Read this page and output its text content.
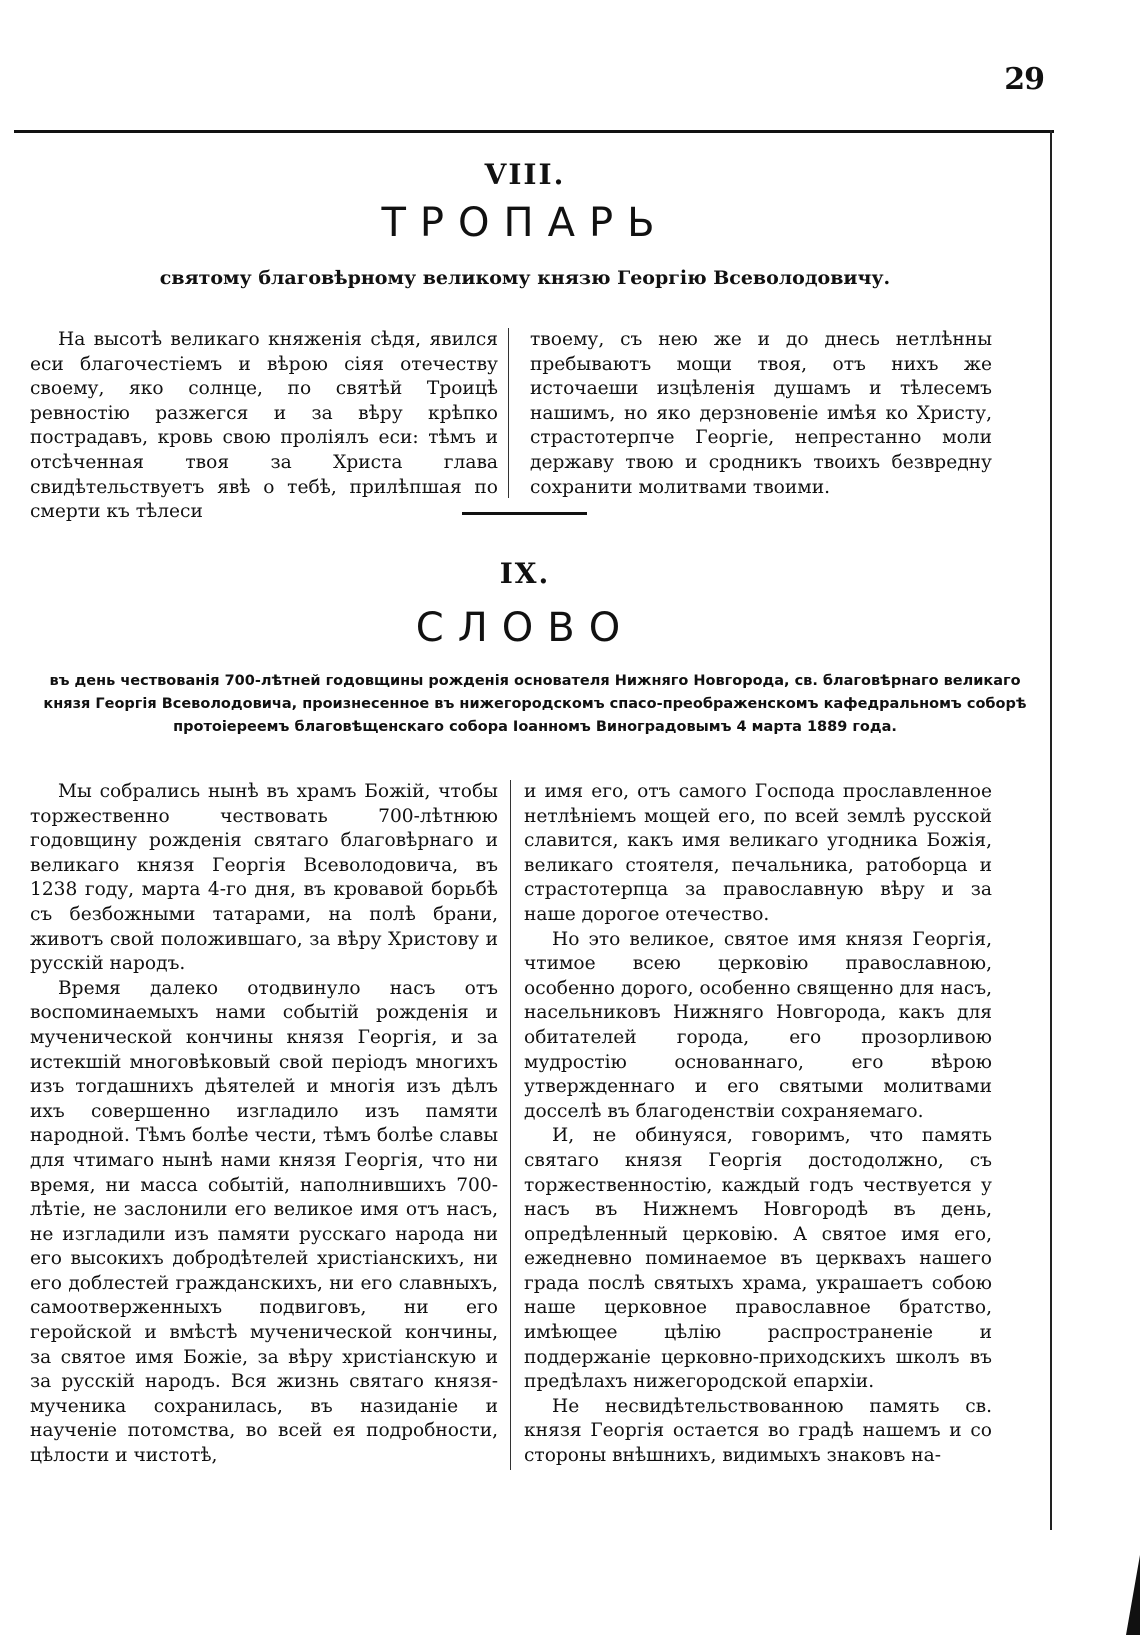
29
VIII.
ТРОПАРЬ
святому благовѣрному великому князю Георгію Всеволодовичу.

На высотѣ великаго княженія сѣдя, явился еси благочестіемъ и вѣрою сіяя отечеству своему, яко солнце, по святѣй Троицѣ ревностію разжегся и за вѣру крѣпко пострадавъ, кровь свою проліялъ еси: тѣмъ и отсѣченная твоя за Христа глава свидѣтельствуетъ явѣ о тебѣ, прилѣпшая по смерти къ тѣлеси

твоему, съ нею же и до днесь нетлѣнны пребываютъ мощи твоя, отъ нихъ же источаеши изцѣленія душамъ и тѣлесемъ нашимъ, но яко дерзновеніе имѣя ко Христу, страстотерпче Георгіе, непрестанно моли державу твою и сродникъ твоихъ безвредну сохранити молитвами твоими.

IX.
СЛОВО
въ день чествованія 700-лѣтней годовщины рожденія основателя Нижняго Новгорода, св. благовѣрнаго великаго князя Георгія Всеволодовича, произнесенное въ нижегородскомъ спасо-преображенскомъ кафедральномъ соборѣ протоіереемъ благовѣщенскаго собора Іоанномъ Виноградовымъ 4 марта 1889 года.

Мы собрались нынѣ въ храмъ Божій, чтобы торжественно чествовать 700-лѣтнюю годовщину рожденія святаго благовѣрнаго и великаго князя Георгія Всеволодовича, въ 1238 году, марта 4-го дня, въ кровавой борьбѣ съ безбожными татарами, на полѣ брани, животъ свой положившаго, за вѣру Христову и русскій народъ.

Время далеко отодвинуло насъ отъ воспоминаемыхъ нами событій рожденія и мученической кончины князя Георгія, и за истекшій многовѣковый свой періодъ многихъ изъ тогдашнихъ дѣятелей и многія изъ дѣлъ ихъ совершенно изгладило изъ памяти народной. Тѣмъ болѣе чести, тѣмъ болѣе славы для чтимаго нынѣ нами князя Георгія, что ни время, ни масса событій, наполнившихъ 700-лѣтіе, не заслонили его великое имя отъ насъ, не изгладили изъ памяти русскаго народа ни его высокихъ добродѣтелей христіанскихъ, ни его доблестей гражданскихъ, ни его славныхъ, самоотверженныхъ подвиговъ, ни его геройской и вмѣстѣ мученической кончины, за святое имя Божіе, за вѣру христіанскую и за русскій народъ. Вся жизнь святаго князя-мученика сохранилась, въ назиданіе и наученіе потомства, во всей ея подробности, цѣлости и чистотѣ,

и имя его, отъ самого Господа прославленное нетлѣніемъ мощей его, по всей землѣ русской славится, какъ имя великаго угодника Божія, великаго стоятеля, печальника, ратоборца и страстотерпца за православную вѣру и за наше дорогое отечество.

Но это великое, святое имя князя Георгія, чтимое всею церковію православною, особенно дорого, особенно священно для насъ, насельниковъ Нижняго Новгорода, какъ для обитателей города, его прозорливою мудростію основаннаго, его вѣрою утвержденнаго и его святыми молитвами досселѣ въ благоденствіи сохраняемаго.

И, не обинуяся, говоримъ, что память святаго князя Георгія достодолжно, съ торжественностію, каждый годъ чествуется у насъ въ Нижнемъ Новгородѣ въ день, опредѣленный церковію. А святое имя его, ежедневно поминаемое въ церквахъ нашего града послѣ святыхъ храма, украшаетъ собою наше церковное православное братство, имѣющее цѣлію распространеніе и поддержаніе церковно-приходскихъ школъ въ предѣлахъ нижегородской епархіи.

Не несвидѣтельствованною память св. князя Георгія остается во градѣ нашемъ и со стороны внѣшнихъ, видимыхъ знаковъ на-
